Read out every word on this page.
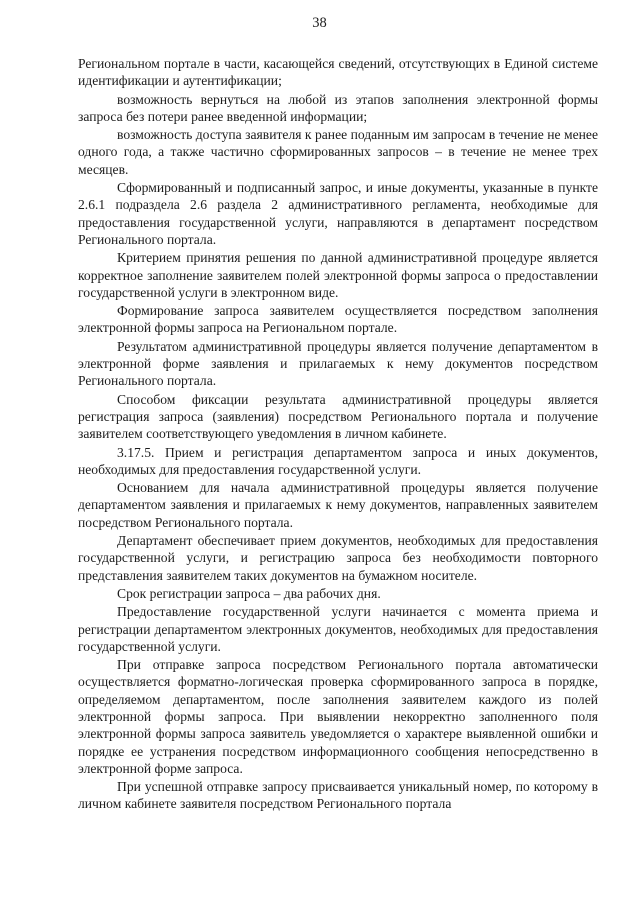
38

Региональном портале в части, касающейся сведений, отсутствующих в Единой системе идентификации и аутентификации;

возможность вернуться на любой из этапов заполнения электронной формы запроса без потери ранее введенной информации;

возможность доступа заявителя к ранее поданным им запросам в течение не менее одного года, а также частично сформированных запросов – в течение не менее трех месяцев.

Сформированный и подписанный запрос, и иные документы, указанные в пункте 2.6.1 подраздела 2.6 раздела 2 административного регламента, необходимые для предоставления государственной услуги, направляются в департамент посредством Регионального портала.

Критерием принятия решения по данной административной процедуре является корректное заполнение заявителем полей электронной формы запроса о предоставлении государственной услуги в электронном виде.

Формирование запроса заявителем осуществляется посредством заполнения электронной формы запроса на Региональном портале.

Результатом административной процедуры является получение департаментом в электронной форме заявления и прилагаемых к нему документов посредством Регионального портала.

Способом фиксации результата административной процедуры является регистрация запроса (заявления) посредством Регионального портала и получение заявителем соответствующего уведомления в личном кабинете.

3.17.5. Прием и регистрация департаментом запроса и иных документов, необходимых для предоставления государственной услуги.

Основанием для начала административной процедуры является получение департаментом заявления и прилагаемых к нему документов, направленных заявителем посредством Регионального портала.

Департамент обеспечивает прием документов, необходимых для предоставления государственной услуги, и регистрацию запроса без необходимости повторного представления заявителем таких документов на бумажном носителе.

Срок регистрации запроса – два рабочих дня.

Предоставление государственной услуги начинается с момента приема и регистрации департаментом электронных документов, необходимых для предоставления государственной услуги.

При отправке запроса посредством Регионального портала автоматически осуществляется форматно-логическая проверка сформированного запроса в порядке, определяемом департаментом, после заполнения заявителем каждого из полей электронной формы запроса. При выявлении некорректно заполненного поля электронной формы запроса заявитель уведомляется о характере выявленной ошибки и порядке ее устранения посредством информационного сообщения непосредственно в электронной форме запроса.

При успешной отправке запросу присваивается уникальный номер, по которому в личном кабинете заявителя посредством Регионального портала
